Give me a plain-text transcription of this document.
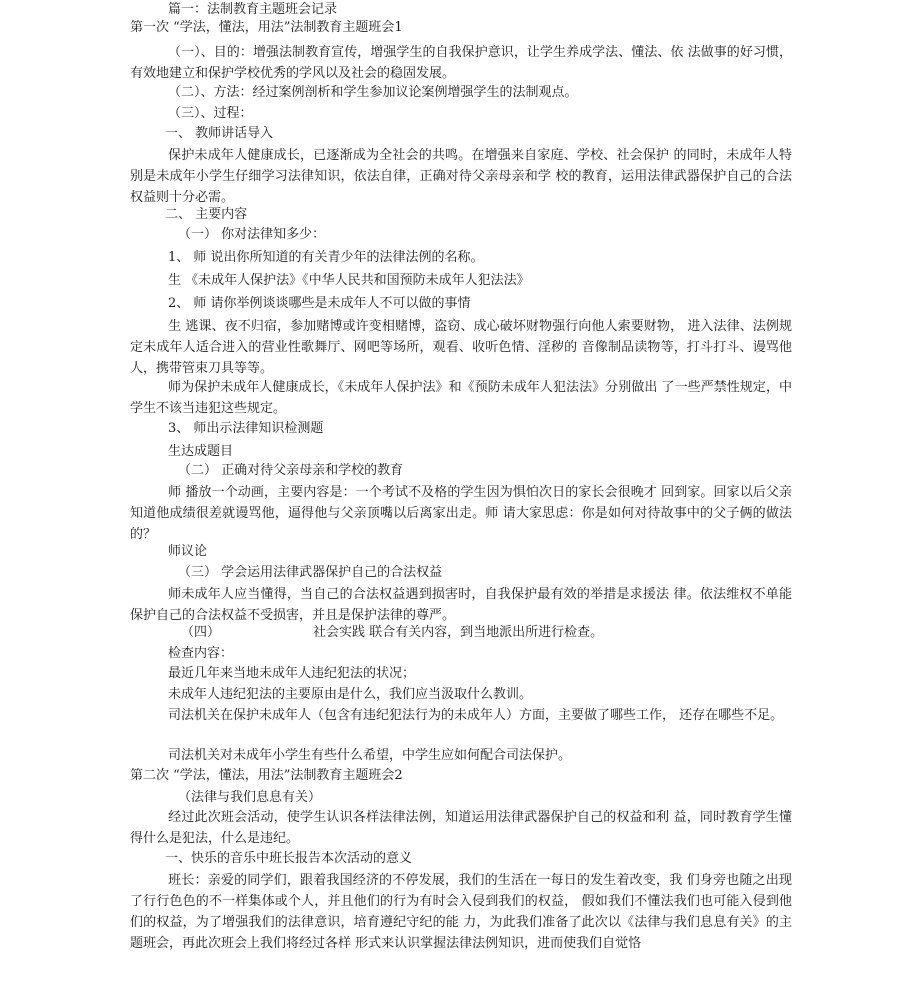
篇一：法制教育主题班会记录

第一次 “学法，懂法，用法”法制教育主题班会1

（一）、目的：增强法制教育宣传，增强学生的自我保护意识，让学生养成学法、懂法、依 法做事的好习惯，有效地建立和保护学校优秀的学风以及社会的稳固发展。

（二）、方法：经过案例剖析和学生参加议论案例增强学生的法制观点。

（三）、过程：

一、 教师讲话导入

保护未成年人健康成长，已逐渐成为全社会的共鸣。在增强来自家庭、学校、社会保护 的同时，未成年人特别是未成年小学生仔细学习法律知识，依法自律，正确对待父亲母亲和学 校的教育，运用法律武器保护自己的合法权益则十分必需。

二、 主要内容

（一） 你对法律知多少：

1、 师 说出你所知道的有关青少年的法律法例的名称。

生 《未成年人保护法》《中华人民共和国预防未成年人犯法法》

2、 师 请你举例谈谈哪些是未成年人不可以做的事情

生 逃课、夜不归宿，参加赌博或许变相赌博，盗窃、成心破坏财物强行向他人索要财物， 进入法律、法例规定未成年人适合进入的营业性歌舞厅、网吧等场所，观看、收听色情、淫秽的 音像制品读物等，打斗打斗、谩骂他人，携带管束刀具等等。

师为保护未成年人健康成长，《未成年人保护法》和《预防未成年人犯法法》分别做出 了一些严禁性规定，中学生不该当违犯这些规定。

3、 师出示法律知识检测题

生达成题目

（二） 正确对待父亲母亲和学校的教育

师 播放一个动画，主要内容是：一个考试不及格的学生因为惧怕次日的家长会很晚才 回到家。回家以后父亲知道他成绩很差就谩骂他，逼得他与父亲顶嘴以后离家出走。师 请大家思虑：你是如何对待故事中的父子俩的做法的？

师议论

（三） 学会运用法律武器保护自己的合法权益

师未成年人应当懂得，当自己的合法权益遇到损害时，自我保护最有效的举措是求援法 律。依法维权不单能保护自己的合法权益不受损害，并且是保护法律的尊严。

（四）	社会实践 联合有关内容，到当地派出所进行检查。

检查内容：

最近几年来当地未成年人违纪犯法的状况；

未成年人违纪犯法的主要原由是什么，我们应当汲取什么教训。

司法机关在保护未成年人（包含有违纪犯法行为的未成年人）方面，主要做了哪些工作， 还存在哪些不足。

司法机关对未成年小学生有些什么希望，中学生应如何配合司法保护。

第二次 “学法，懂法，用法”法制教育主题班会2

（法律与我们息息有关）

经过此次班会活动，使学生认识各样法律法例，知道运用法律武器保护自己的权益和利 益，同时教育学生懂得什么是犯法，什么是违纪。

一、快乐的音乐中班长报告本次活动的意义

班长：亲爱的同学们，跟着我国经济的不停发展，我们的生活在一每日的发生着改变，我 们身旁也随之出现了行行色色的不一样集体或个人，并且他们的行为有时会入侵到我们的权益， 假如我们不懂法我们也可能入侵到他们的权益，为了增强我们的法律意识，培育遵纪守纪的能 力，为此我们准备了此次以《法律与我们息息有关》的主题班会，再此次班会上我们将经过各样 形式来认识掌握法律法例知识，进而使我们自觉恪
